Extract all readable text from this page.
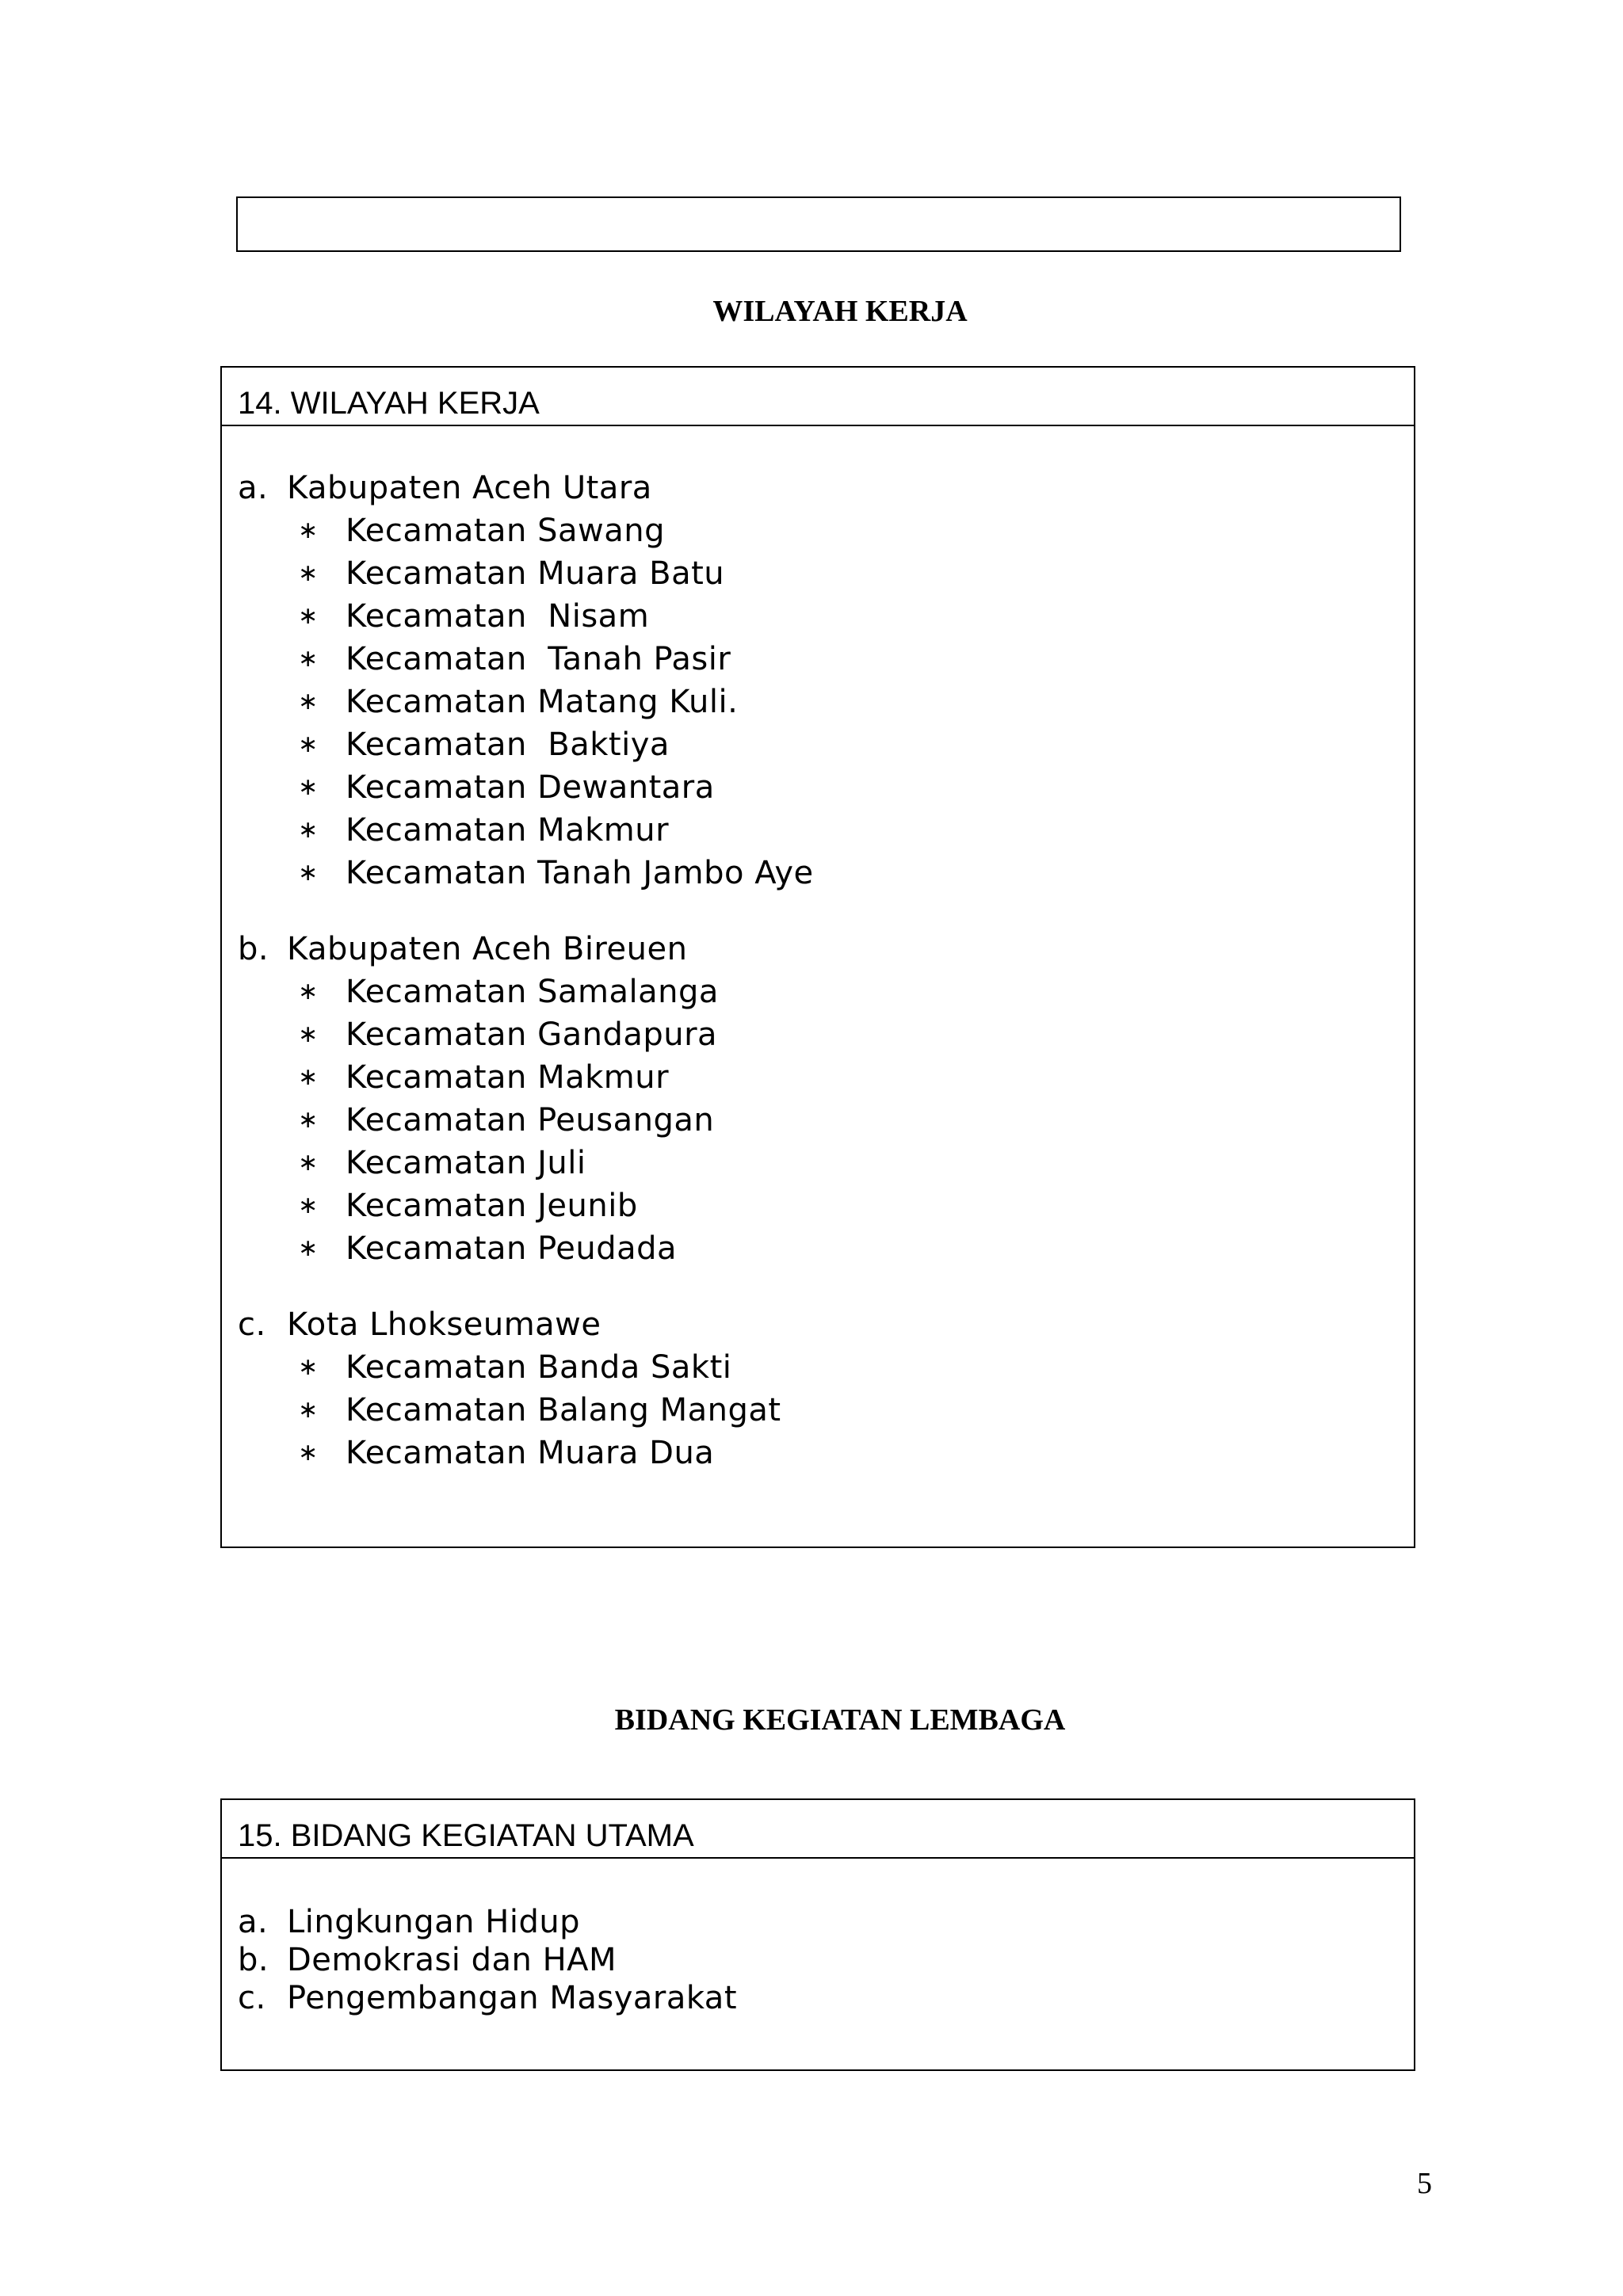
WILAYAH KERJA
14. WILAYAH KERJA
a. Kabupaten Aceh Utara
∗ Kecamatan Sawang
∗ Kecamatan Muara Batu
∗ Kecamatan  Nisam
∗ Kecamatan  Tanah Pasir
∗ Kecamatan Matang Kuli.
∗ Kecamatan  Baktiya
∗ Kecamatan Dewantara
∗ Kecamatan Makmur
∗ Kecamatan Tanah Jambo Aye
b. Kabupaten Aceh Bireuen
∗ Kecamatan Samalanga
∗ Kecamatan Gandapura
∗ Kecamatan Makmur
∗ Kecamatan Peusangan
∗ Kecamatan Juli
∗ Kecamatan Jeunib
∗ Kecamatan Peudada
c. Kota Lhokseumawe
∗ Kecamatan Banda Sakti
∗ Kecamatan Balang Mangat
∗ Kecamatan Muara Dua
BIDANG KEGIATAN LEMBAGA
15. BIDANG KEGIATAN UTAMA
a. Lingkungan Hidup
b. Demokrasi dan HAM
c. Pengembangan Masyarakat
5
